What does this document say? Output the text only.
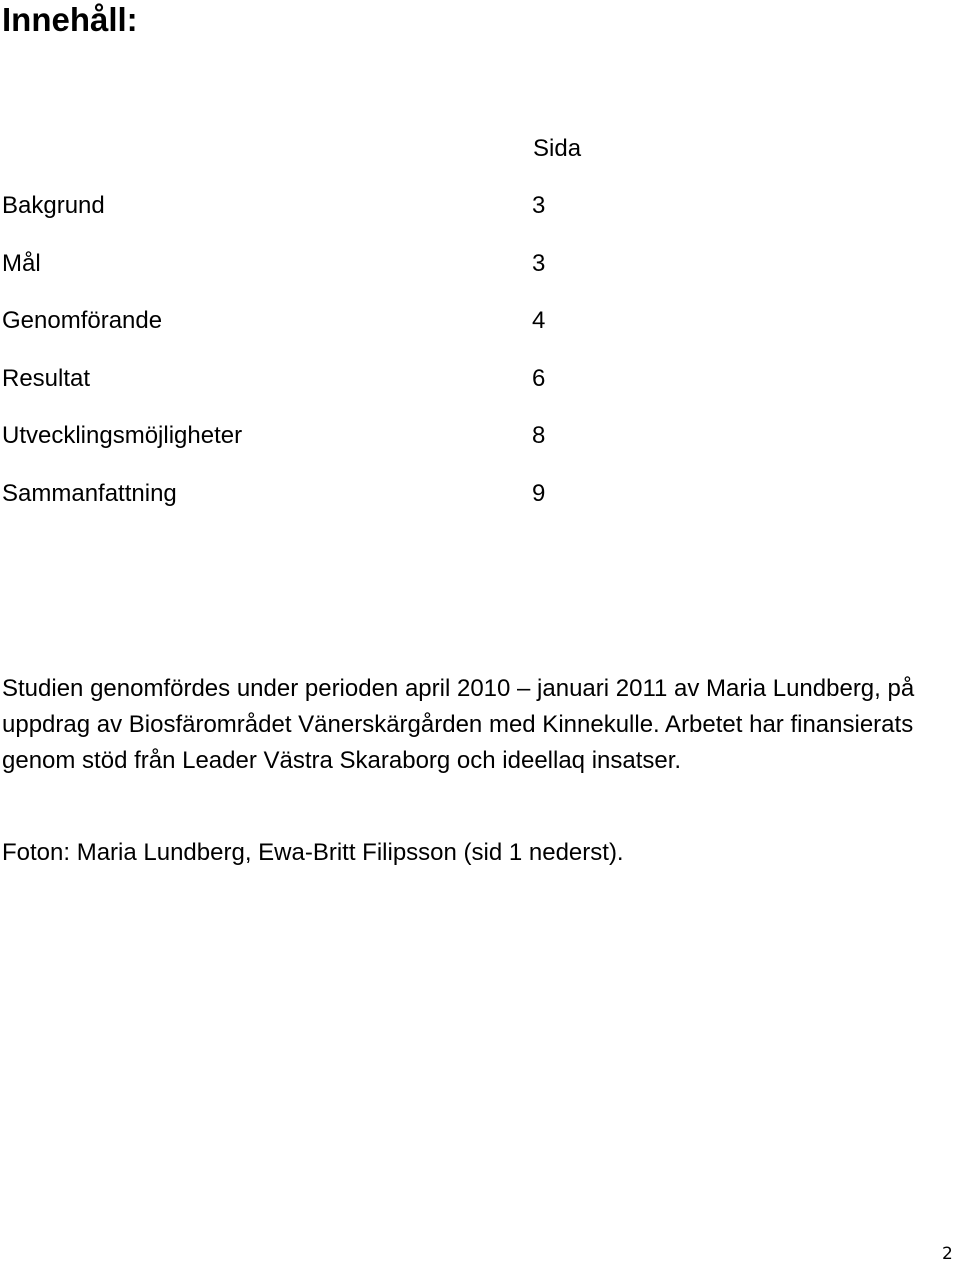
Innehåll:
Sida
Bakgrund	3
Mål	3
Genomförande	4
Resultat	6
Utvecklingsmöjligheter	8
Sammanfattning	9

Studien genomfördes under perioden april 2010 – januari 2011 av Maria Lundberg, på uppdrag av Biosfärområdet Vänerskärgården med Kinnekulle. Arbetet har finansierats genom stöd från Leader Västra Skaraborg och ideellaq insatser.

Foton: Maria Lundberg, Ewa-Britt Filipsson (sid 1 nederst).

2
